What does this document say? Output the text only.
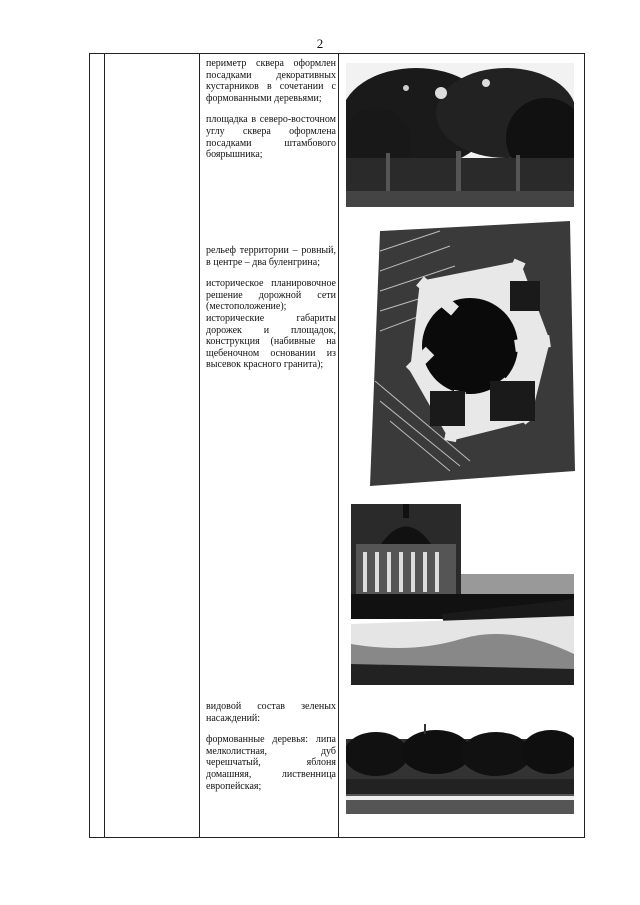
2

периметр сквера оформлен посадками декоративных кустарников в сочетании с формованными деревьями;

площадка в северо-восточном углу сквера оформлена посадками штамбового боярышника;

рельеф территории – ровный, в центре – два буленгрина;

историческое планировочное решение дорожной сети (местоположение); исторические габариты дорожек и площадок, конструкция (набивные на щебеночном основании из высевок красного гранита);

видовой состав зеленых насаждений:

формованные деревья: липа мелколистная, дуб черешчатый, яблоня домашняя, лиственница европейская;
